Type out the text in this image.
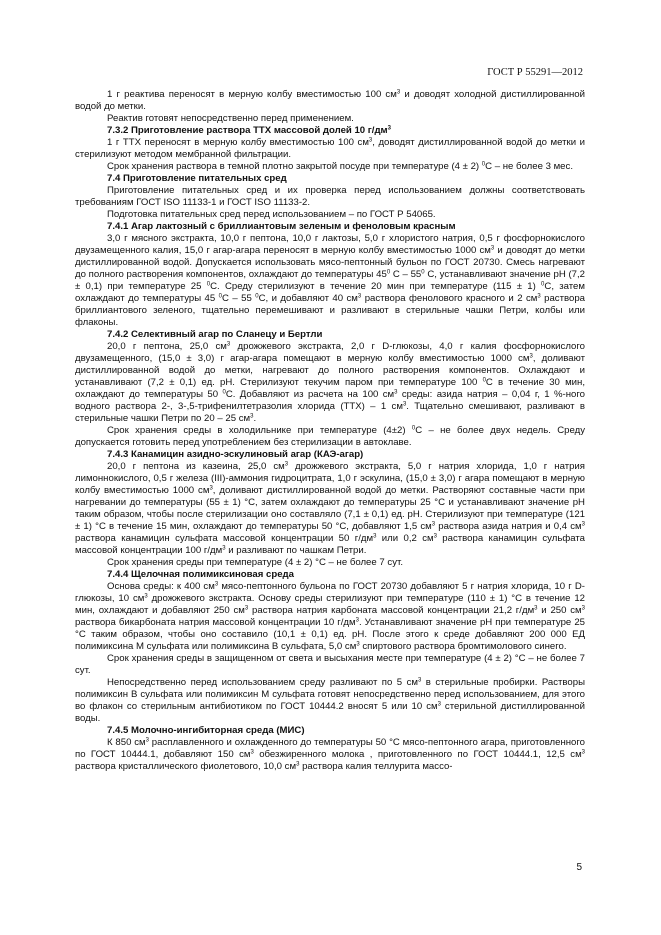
ГОСТ Р 55291—2012

1 г реактива переносят в мерную колбу вместимостью 100 $см^3$ и доводят холодной дистиллированной водой до метки.

Реактив готовят непосредственно перед применением.

7.3.2 Приготовление раствора ТТХ массовой долей 10 $г/дм^3$

1 г ТТХ переносят в мерную колбу вместимостью 100 $см^3$, доводят дистиллированной водой до метки и стерилизуют методом мембранной фильтрации.

Срок хранения раствора в темной плотно закрытой посуде при температуре (4 ± 2) $^0$С – не более 3 мес.

7.4 Приготовление питательных сред

Приготовление питательных сред и их проверка перед использованием должны соответствовать требованиям ГОСТ ISO 11133-1 и ГОСТ ISO 11133-2.

Подготовка питательных сред перед использованием – по ГОСТ Р 54065.

7.4.1 Агар лактозный с бриллиантовым зеленым и феноловым красным

3,0 г мясного экстракта, 10,0 г пептона, 10,0 г лактозы, 5,0 г хлористого натрия, 0,5 г фосфорнокислого двузамещенного калия, 15,0 г агар-агара переносят в мерную колбу вместимостью 1000 $см^3$ и доводят до метки дистиллированной водой. Допускается использовать мясо-пептонный бульон по ГОСТ 20730. Смесь нагревают до полного растворения компонентов, охлаждают до температуры $45^0$ С – $55^0$ С, устанавливают значение рН (7,2 ± 0,1) при температуре 25 $^0$С. Среду стерилизуют в течение 20 мин при температуре (115 ± 1) $^0$С, затем охлаждают до температуры 45 $^0$С – 55 $^0$С, и добавляют 40 $см^3$ раствора фенолового красного и 2 $см^3$ раствора бриллиантового зеленого, тщательно перемешивают и разливают в стерильные чашки Петри, колбы или флаконы.

7.4.2 Селективный агар по Сланецу и Бертли

20,0 г пептона, 25,0 $см^3$ дрожжевого экстракта, 2,0 г D-глюкозы, 4,0 г калия фосфорнокислого двузамещенного, (15,0 ± 3,0) г агар-агара помещают в мерную колбу вместимостью 1000 $см^3$, доливают дистиллированной водой до метки, нагревают до полного растворения компонентов. Охлаждают и устанавливают (7,2 ± 0,1) ед. рН. Стерилизуют текучим паром при температуре 100 $^0$С в течение 30 мин, охлаждают до температуры 50 $^0$С. Добавляют из расчета на 100 $см^3$ среды: азида натрия – 0,04 г, 1 %-ного водного раствора 2-, 3-,5-трифенилтетразолия хлорида (ТТХ) – 1 $см^3$. Тщательно смешивают, разливают в стерильные чашки Петри по 20 – 25 $см^3$.

Срок хранения среды в холодильнике при температуре (4±2) $^0$С – не более двух недель. Среду допускается готовить перед употреблением без стерилизации в автоклаве.

7.4.3 Канамицин азидно-эскулиновый агар (КАЭ-агар)

20,0 г пептона из казеина, 25,0 $см^3$ дрожжевого экстракта, 5,0 г натрия хлорида, 1,0 г натрия лимоннокислого, 0,5 г железа (III)-аммония гидроцитрата, 1,0 г эскулина, (15,0 ± 3,0) г агара помещают в мерную колбу вместимостью 1000 $см^3$, доливают дистиллированной водой до метки. Растворяют составные части при нагревании до температуры (55 ± 1) °С, затем охлаждают до температуры 25 °С и устанавливают значение рН таким образом, чтобы после стерилизации оно составляло (7,1 ± 0,1) ед. рН. Стерилизуют при температуре (121 ± 1) °С в течение 15 мин, охлаждают до температуры 50 °С, добавляют 1,5 $см^3$ раствора азида натрия и 0,4 $см^3$ раствора канамицин сульфата массовой концентрации 50 $г/дм^3$ или 0,2 $см^3$ раствора канамицин сульфата массовой концентрации 100 $г/дм^3$ и разливают по чашкам Петри.

Срок хранения среды при температуре (4 ± 2) °С – не более 7 сут.

7.4.4 Щелочная полимиксиновая среда

Основа среды: к 400 $см^3$ мясо-пептонного бульона по ГОСТ 20730 добавляют 5 г натрия хлорида, 10 г D-глюкозы, 10 $см^3$ дрожжевого экстракта. Основу среды стерилизуют при температуре (110 ± 1) °С в течение 12 мин, охлаждают и добавляют 250 $см^3$ раствора натрия карбоната массовой концентрации 21,2 $г/дм^3$ и 250 $см^3$ раствора бикарбоната натрия массовой концентрации 10 $г/дм^3$. Устанавливают значение рН при температуре 25 °С таким образом, чтобы оно составило (10,1 ± 0,1) ед. рН. После этого к среде добавляют 200 000 ЕД полимиксина М сульфата или полимиксина В сульфата, 5,0 $см^3$ спиртового раствора бромтимолового синего.

Срок хранения среды в защищенном от света и высыхания месте при температуре (4 ± 2) °С – не более 7 сут.

Непосредственно перед использованием среду разливают по 5 $см^3$ в стерильные пробирки. Растворы полимиксин В сульфата или полимиксин М сульфата готовят непосредственно перед использованием, для этого во флакон со стерильным антибиотиком по ГОСТ 10444.2 вносят 5 или 10 $см^3$ стерильной дистиллированной воды.

7.4.5 Молочно-ингибиторная среда (МИС)

К 850 $см^3$ расплавленного и охлажденного до температуры 50 °С мясо-пептонного агара, приготовленного по ГОСТ 10444.1, добавляют 150 $см^3$ обезжиренного молока , приготовленного по ГОСТ 10444.1, 12,5 $см^3$ раствора кристаллического фиолетового, 10,0 $см^3$ раствора калия теллурита массо-

5
